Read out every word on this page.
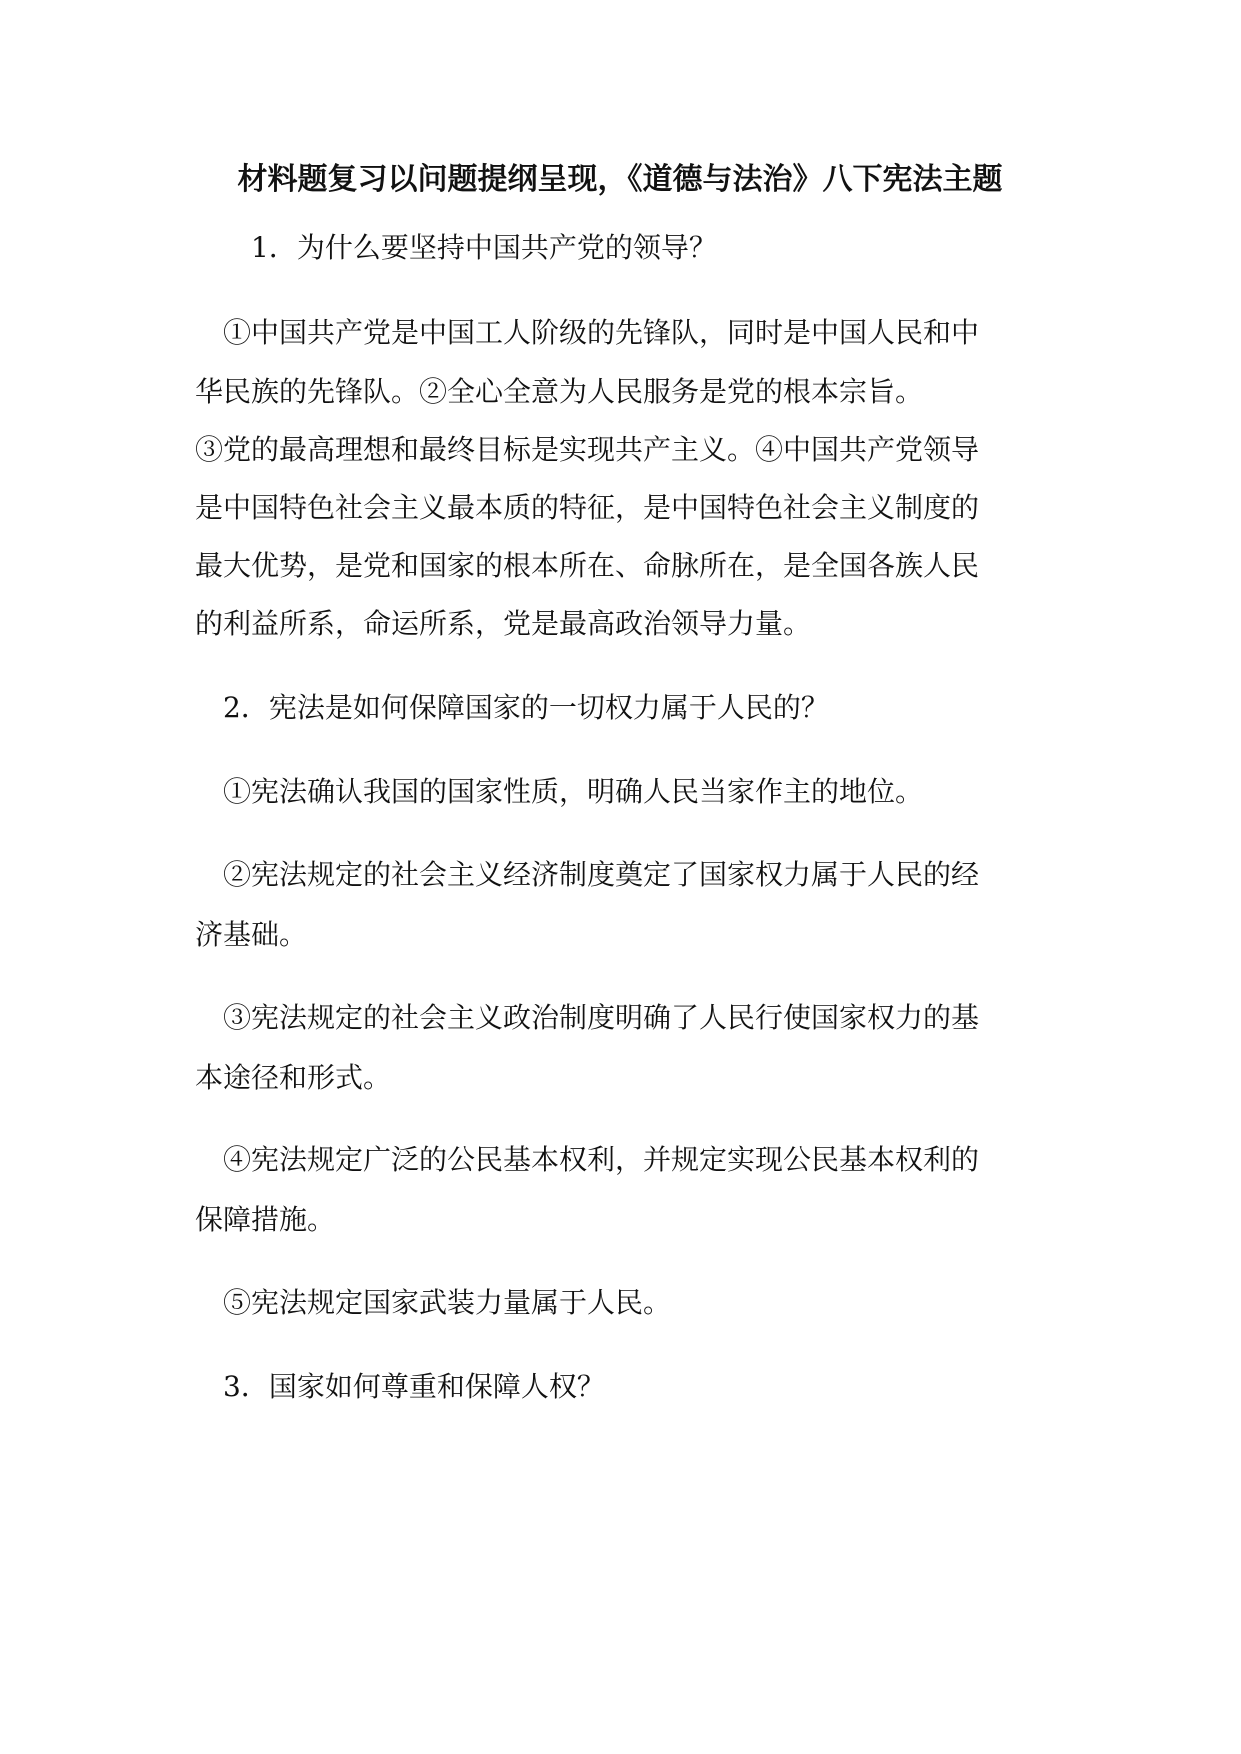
材料题复习以问题提纲呈现，《道德与法治》八下宪法主题
1．为什么要坚持中国共产党的领导？
①中国共产党是中国工人阶级的先锋队，同时是中国人民和中
华民族的先锋队。②全心全意为人民服务是党的根本宗旨。
③党的最高理想和最终目标是实现共产主义。④中国共产党领导
是中国特色社会主义最本质的特征，是中国特色社会主义制度的
最大优势，是党和国家的根本所在、命脉所在，是全国各族人民
的利益所系，命运所系，党是最高政治领导力量。
2．宪法是如何保障国家的一切权力属于人民的？
①宪法确认我国的国家性质，明确人民当家作主的地位。
②宪法规定的社会主义经济制度奠定了国家权力属于人民的经
济基础。
③宪法规定的社会主义政治制度明确了人民行使国家权力的基
本途径和形式。
④宪法规定广泛的公民基本权利，并规定实现公民基本权利的
保障措施。
⑤宪法规定国家武装力量属于人民。
3．国家如何尊重和保障人权？
